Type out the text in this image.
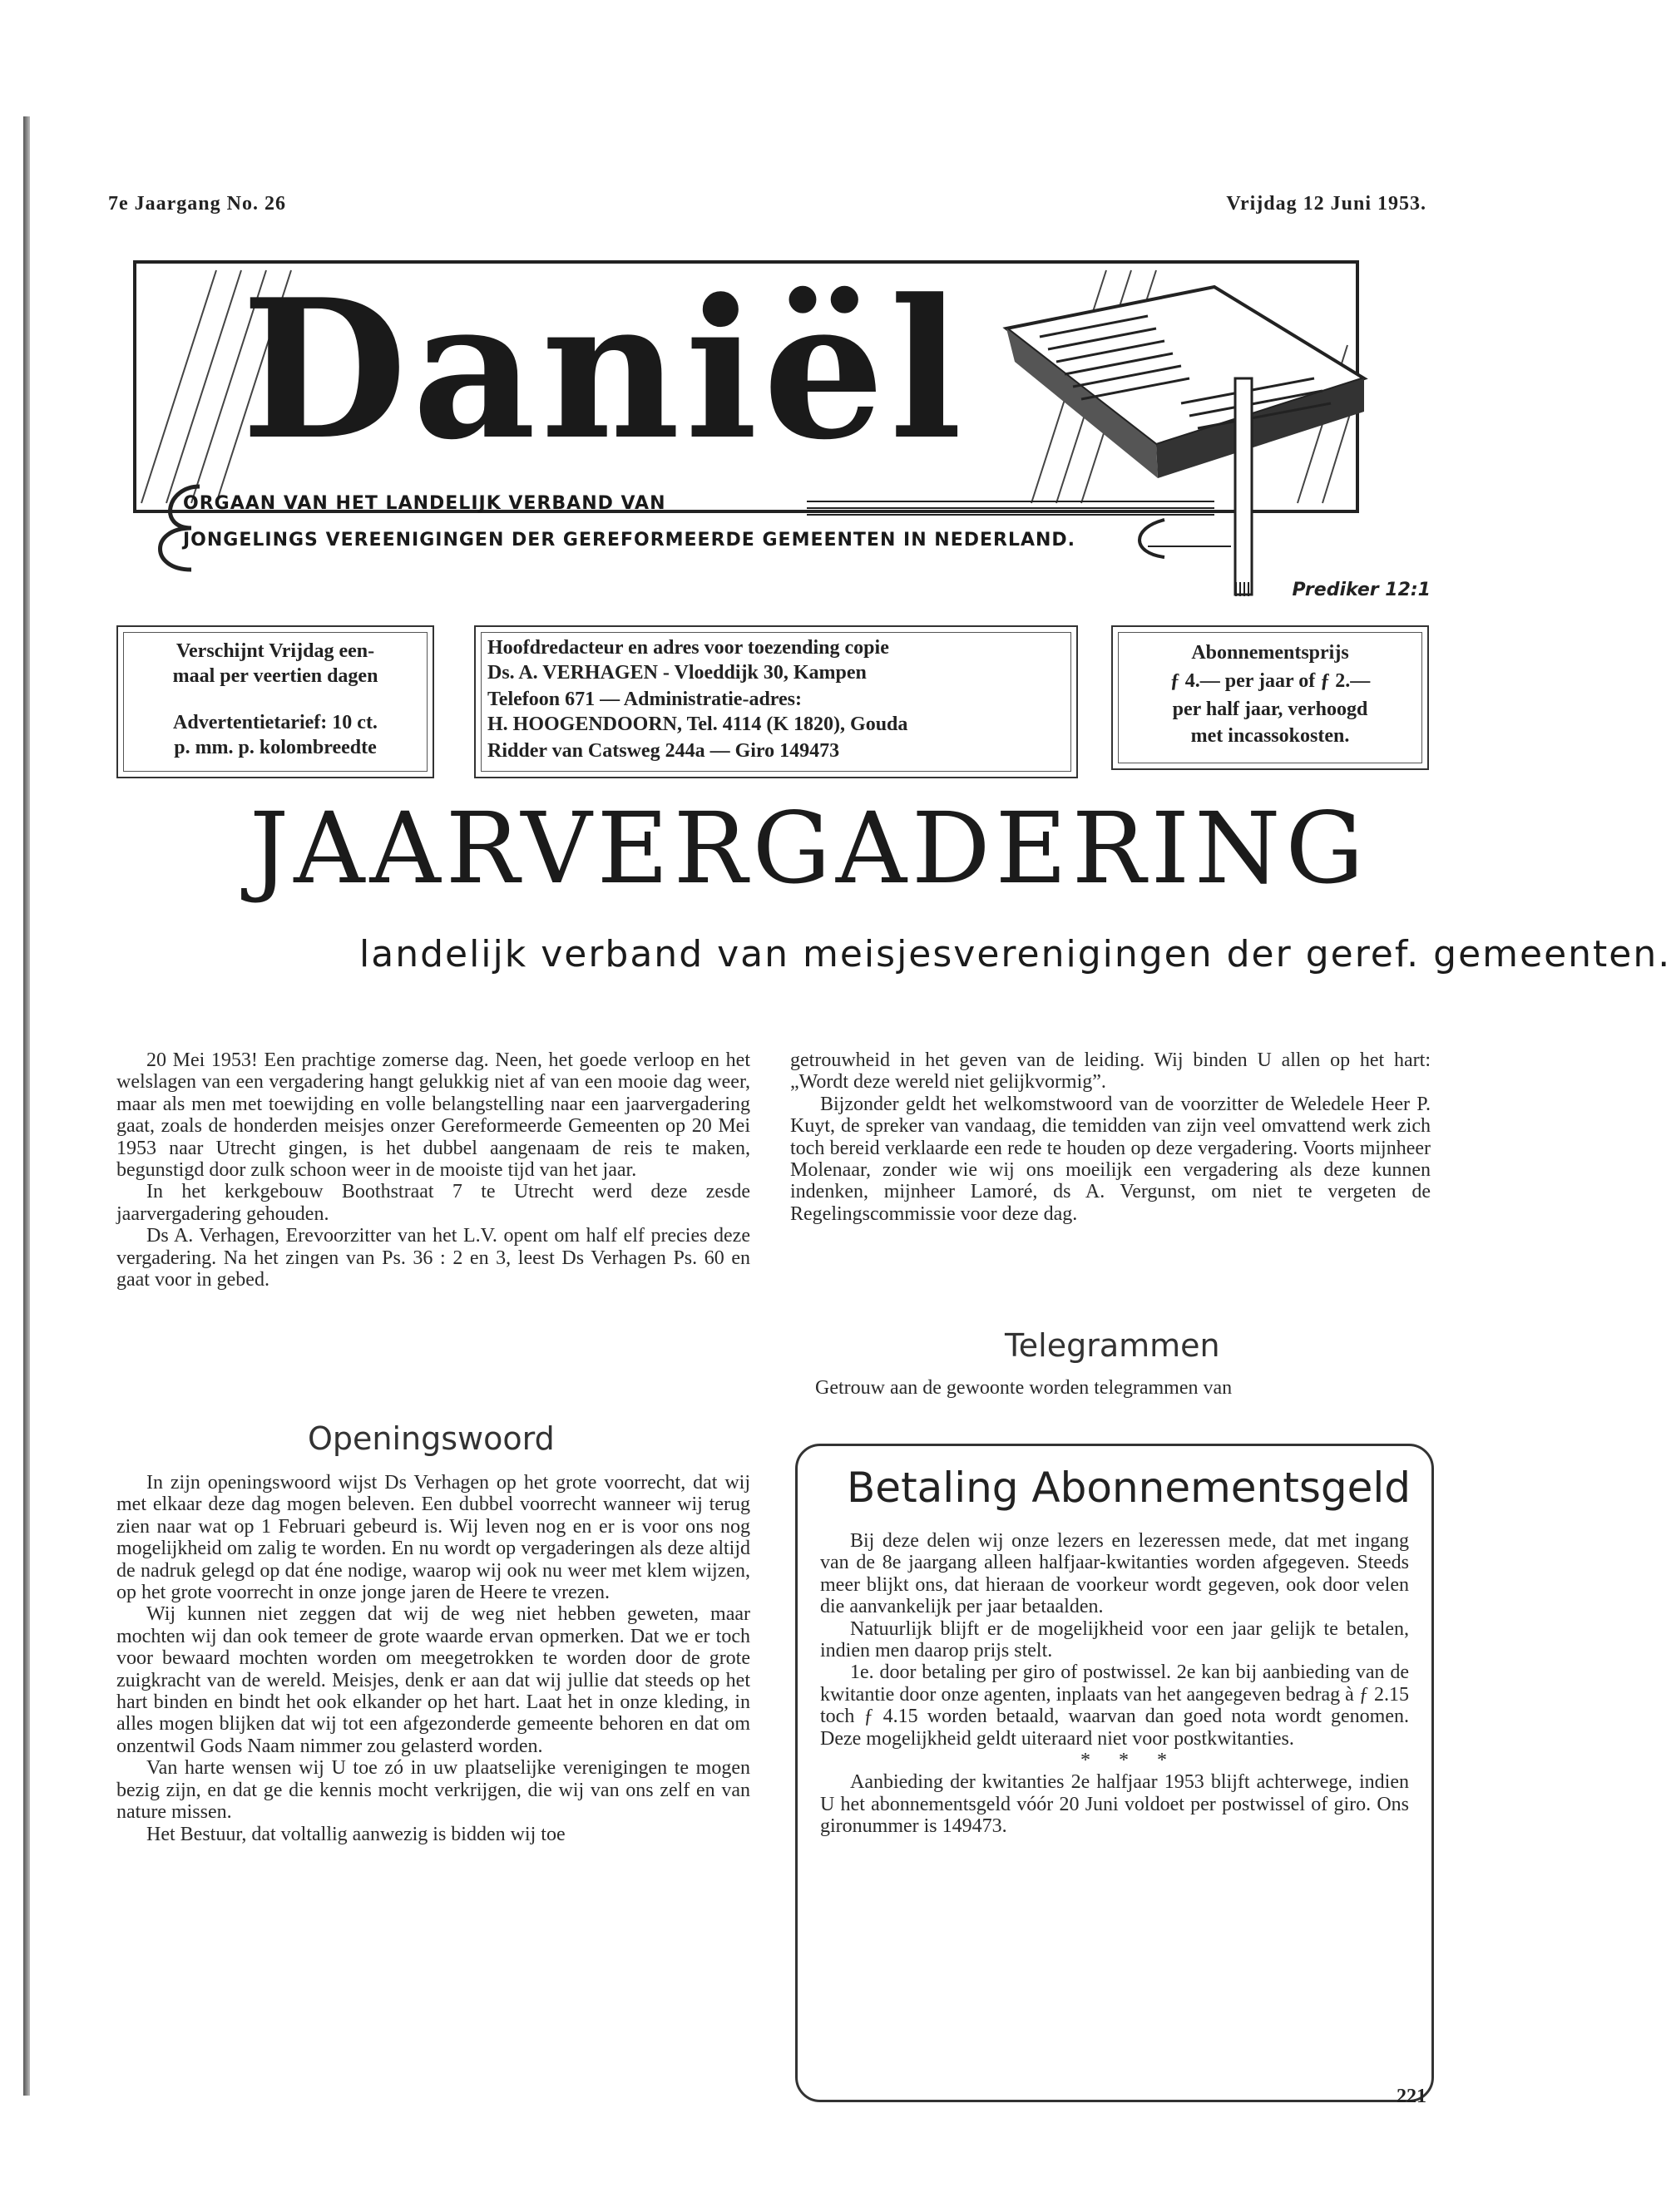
7e Jaargang No. 26	Vrijdag 12 Juni 1953.
Daniël
ORGAAN VAN HET LANDELIJK VERBAND VAN
JONGELINGS VEREENIGINGEN DER GEREFORMEERDE GEMEENTEN IN NEDERLAND.
Prediker 12:1

Verschijnt Vrijdag een-

maal per veertien dagen

Advertentietarief: 10 ct.

p. mm. p. kolombreedte

Hoofdredacteur en adres voor toezending copie

Ds. A. VERHAGEN - Vloeddijk 30, Kampen

Telefoon 671 — Administratie-adres:

H. HOOGENDOORN, Tel. 4114 (K 1820), Gouda

Ridder van Catsweg 244a — Giro 149473

Abonnementsprijs

ƒ 4.— per jaar of ƒ 2.—

per half jaar, verhoogd

met incassokosten.

JAARVERGADERING
landelijk verband van meisjesverenigingen der geref. gemeenten.

20 Mei 1953! Een prachtige zomerse dag. Neen, het goede verloop en het welslagen van een vergadering hangt gelukkig niet af van een mooie dag weer, maar als men met toewijding en volle belangstelling naar een jaarvergadering gaat, zoals de honderden meisjes onzer Gereformeerde Gemeenten op 20 Mei 1953 naar Utrecht gingen, is het dubbel aangenaam de reis te maken, begunstigd door zulk schoon weer in de mooiste tijd van het jaar.

In het kerkgebouw Boothstraat 7 te Utrecht werd deze zesde jaarvergadering gehouden.

Ds A. Verhagen, Erevoorzitter van het L.V. opent om half elf precies deze vergadering. Na het zingen van Ps. 36 : 2 en 3, leest Ds Verhagen Ps. 60 en gaat voor in gebed.

Openingswoord

In zijn openingswoord wijst Ds Verhagen op het grote voorrecht, dat wij met elkaar deze dag mogen beleven. Een dubbel voorrecht wanneer wij terug zien naar wat op 1 Februari gebeurd is. Wij leven nog en er is voor ons nog mogelijkheid om zalig te worden. En nu wordt op vergaderingen als deze altijd de nadruk gelegd op dat éne nodige, waarop wij ook nu weer met klem wijzen, op het grote voorrecht in onze jonge jaren de Heere te vrezen.

Wij kunnen niet zeggen dat wij de weg niet hebben geweten, maar mochten wij dan ook temeer de grote waarde ervan opmerken. Dat we er toch voor bewaard mochten worden om meegetrokken te worden door de grote zuigkracht van de wereld. Meisjes, denk er aan dat wij jullie dat steeds op het hart binden en bindt het ook elkander op het hart. Laat het in onze kleding, in alles mogen blijken dat wij tot een afgezonderde gemeente behoren en dat om onzentwil Gods Naam nimmer zou gelasterd worden.

Van harte wensen wij U toe zó in uw plaatselijke verenigingen te mogen bezig zijn, en dat ge die kennis mocht verkrijgen, die wij van ons zelf en van nature missen.

Het Bestuur, dat voltallig aanwezig is bidden wij toe

getrouwheid in het geven van de leiding. Wij binden U allen op het hart: „Wordt deze wereld niet gelijkvormig”.

Bijzonder geldt het welkomstwoord van de voorzitter de Weledele Heer P. Kuyt, de spreker van vandaag, die temidden van zijn veel omvattend werk zich toch bereid verklaarde een rede te houden op deze vergadering. Voorts mijnheer Molenaar, zonder wie wij ons moeilijk een vergadering als deze kunnen indenken, mijnheer Lamoré, ds A. Vergunst, om niet te vergeten de Regelingscommissie voor deze dag.

Telegrammen
Getrouw aan de gewoonte worden telegrammen van
Betaling Abonnementsgeld

Bij deze delen wij onze lezers en lezeressen mede, dat met ingang van de 8e jaargang alleen halfjaar-kwitanties worden afgegeven. Steeds meer blijkt ons, dat hieraan de voorkeur wordt gegeven, ook door velen die aanvankelijk per jaar betaalden.

Natuurlijk blijft er de mogelijkheid voor een jaar gelijk te betalen, indien men daarop prijs stelt.

1e. door betaling per giro of postwissel. 2e kan bij aanbieding van de kwitantie door onze agenten, inplaats van het aangegeven bedrag à ƒ 2.15 toch ƒ 4.15 worden betaald, waarvan dan goed nota wordt genomen. Deze mogelijkheid geldt uiteraard niet voor postkwitanties.

* * *

Aanbieding der kwitanties 2e halfjaar 1953 blijft achterwege, indien U het abonnementsgeld vóór 20 Juni voldoet per postwissel of giro. Ons gironummer is 149473.

221
